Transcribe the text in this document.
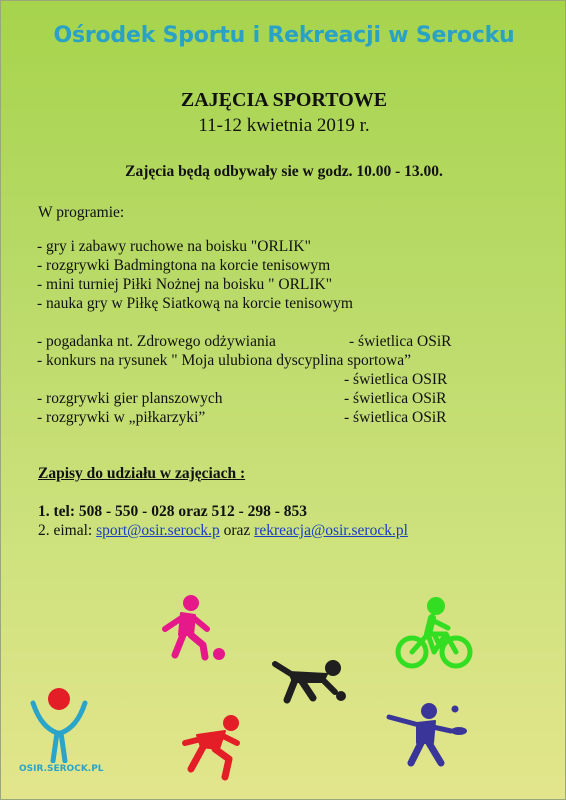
Ośrodek Sportu i Rekreacji w Serocku
ZAJĘCIA SPORTOWE
11-12 kwietnia 2019 r.
Zajęcia będą odbywały sie w godz. 10.00 - 13.00.
W programie:
- gry i zabawy ruchowe na boisku "ORLIK"
- rozgrywki Badmingtona na korcie tenisowym
- mini turniej Piłki Nożnej na boisku " ORLIK"
- nauka gry w Piłkę Siatkową na korcie tenisowym
- pogadanka nt. Zdrowego odżywiania	- świetlica OSiR
- konkurs na rysunek " Moja ulubiona dyscyplina sportowa”
- świetlica OSIR
- rozgrywki gier planszowych	- świetlica OSiR
- rozgrywki w „piłkarzyki”	- świetlica OSiR
Zapisy do udziału w zajęciach :
1. tel: 508 - 550 - 028 oraz 512 - 298 - 853
2. eimal: sport@osir.serock.p oraz rekreacja@osir.serock.pl
OSIR.SEROCK.PL
